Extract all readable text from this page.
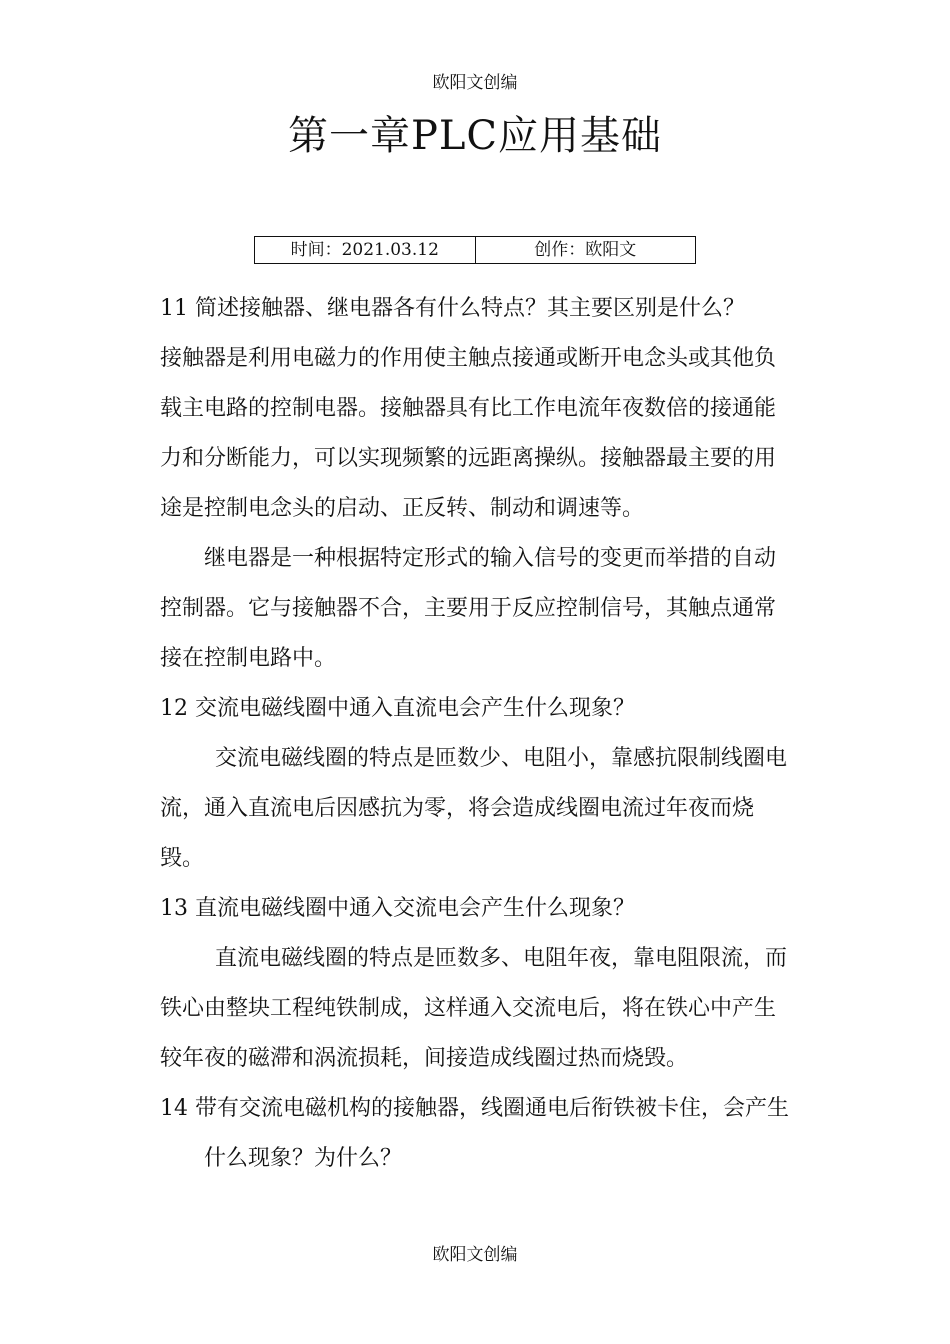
欧阳文创编
第一章PLC应用基础
时间：2021.03.12	创作：欧阳文

11 简述接触器、继电器各有什么特点？其主要区别是什么？

接触器是利用电磁力的作用使主触点接通或断开电念头或其他负载主电路的控制电器。接触器具有比工作电流年夜数倍的接通能力和分断能力，可以实现频繁的远距离操纵。接触器最主要的用途是控制电念头的启动、正反转、制动和调速等。

继电器是一种根据特定形式的输入信号的变更而举措的自动控制器。它与接触器不合，主要用于反应控制信号，其触点通常接在控制电路中。

12 交流电磁线圈中通入直流电会产生什么现象？

交流电磁线圈的特点是匝数少、电阻小，靠感抗限制线圈电流，通入直流电后因感抗为零，将会造成线圈电流过年夜而烧毁。

13 直流电磁线圈中通入交流电会产生什么现象？

直流电磁线圈的特点是匝数多、电阻年夜，靠电阻限流，而铁心由整块工程纯铁制成，这样通入交流电后，将在铁心中产生较年夜的磁滞和涡流损耗，间接造成线圈过热而烧毁。

14 带有交流电磁机构的接触器，线圈通电后衔铁被卡住，会产生什么现象？为什么？

欧阳文创编
